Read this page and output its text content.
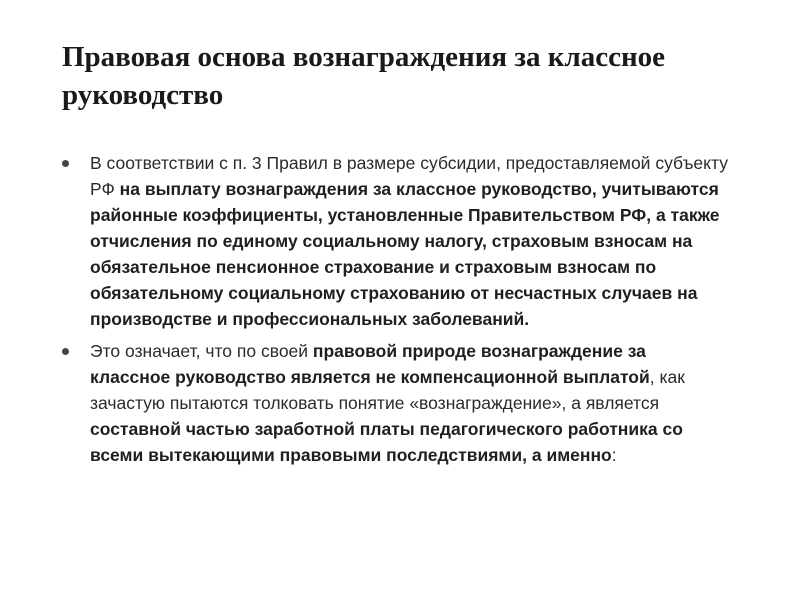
Правовая основа вознаграждения за классное руководство
В соответствии с п. 3 Правил в размере субсидии, предоставляемой субъекту РФ на выплату вознаграждения за классное руководство, учитываются районные коэффициенты, установленные Правительством РФ, а также отчисления по единому социальному налогу, страховым взносам на обязательное пенсионное страхование и страховым взносам по обязательному социальному страхованию от несчастных случаев на производстве и профессиональных заболеваний.
Это означает, что по своей правовой природе вознаграждение за классное руководство является не компенсационной выплатой, как зачастую пытаются толковать понятие «вознаграждение», а является составной частью заработной платы педагогического работника со всеми вытекающими правовыми последствиями, а именно:
